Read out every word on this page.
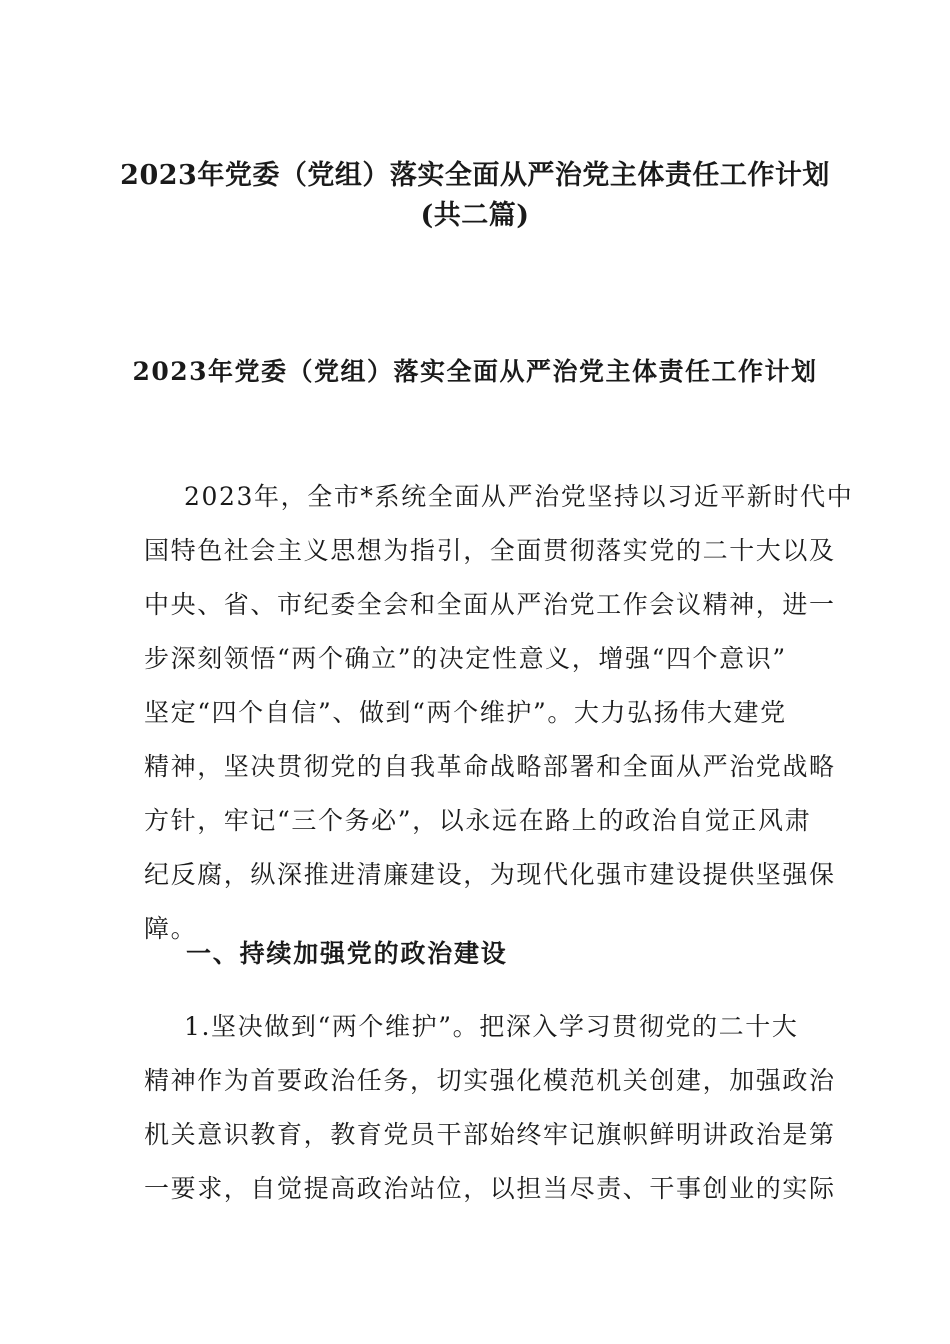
2023年党委（党组）落实全面从严治党主体责任工作计划
(共二篇)
2023年党委（党组）落实全面从严治党主体责任工作计划
2023年，全市*系统全面从严治党坚持以习近平新时代中
国特色社会主义思想为指引，全面贯彻落实党的二十大以及
中央、省、市纪委全会和全面从严治党工作会议精神，进一
步深刻领悟“两个确立”的决定性意义，增强“四个意识”
坚定“四个自信”、做到“两个维护”。大力弘扬伟大建党
精神，坚决贯彻党的自我革命战略部署和全面从严治党战略
方针，牢记“三个务必”，以永远在路上的政治自觉正风肃
纪反腐，纵深推进清廉建设，为现代化强市建设提供坚强保
障。
一、持续加强党的政治建设
1.坚决做到“两个维护”。把深入学习贯彻党的二十大
精神作为首要政治任务，切实强化模范机关创建，加强政治
机关意识教育，教育党员干部始终牢记旗帜鲜明讲政治是第
一要求，自觉提高政治站位，以担当尽责、干事创业的实际
